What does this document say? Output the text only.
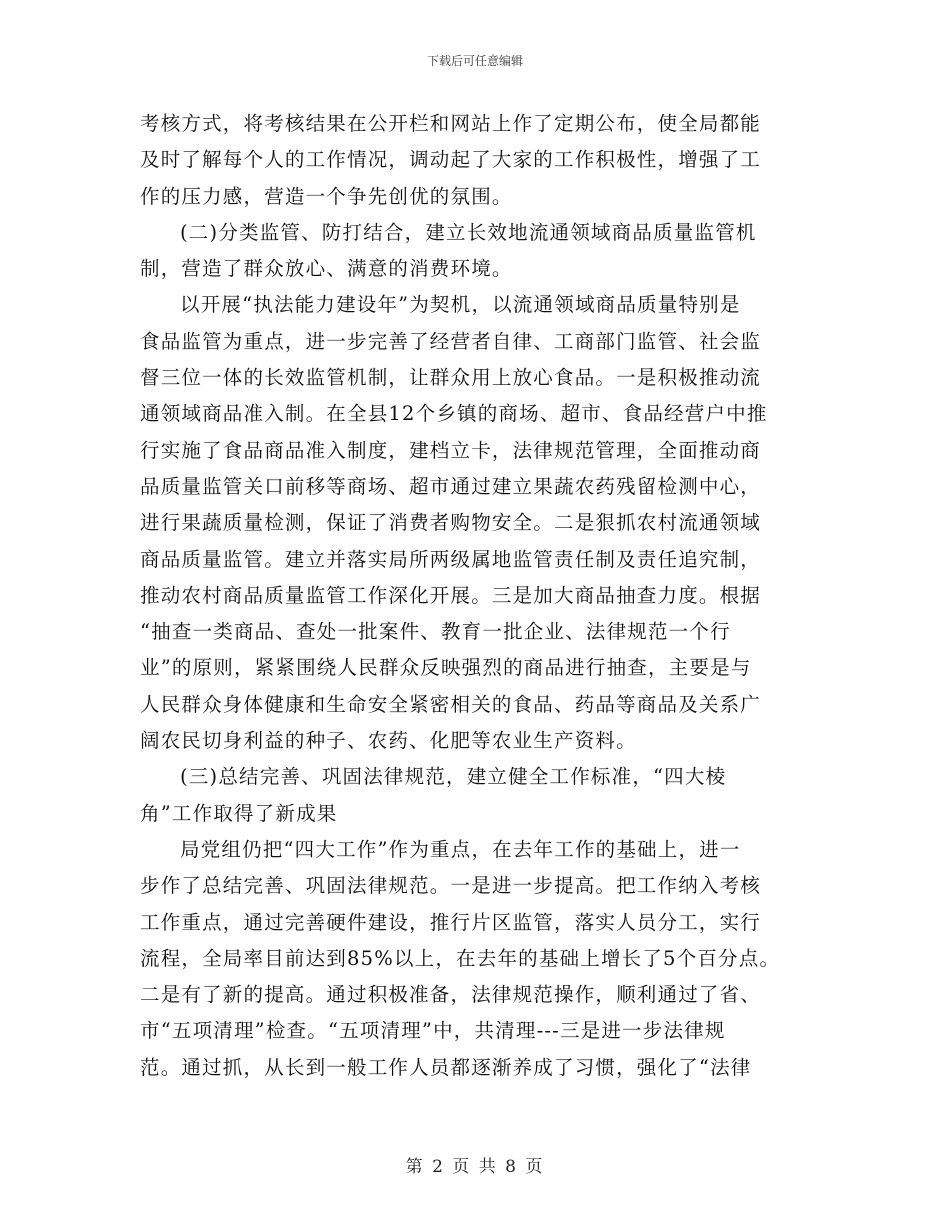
下载后可任意编辑
考核方式，将考核结果在公开栏和网站上作了定期公布，使全局都能
及时了解每个人的工作情况，调动起了大家的工作积极性，增强了工
作的压力感，营造一个争先创优的氛围。
(二)分类监管、防打结合，建立长效地流通领域商品质量监管机
制，营造了群众放心、满意的消费环境。
以开展“执法能力建设年”为契机，以流通领域商品质量特别是
食品监管为重点，进一步完善了经营者自律、工商部门监管、社会监
督三位一体的长效监管机制，让群众用上放心食品。一是积极推动流
通领域商品准入制。在全县12个乡镇的商场、超市、食品经营户中推
行实施了食品商品准入制度，建档立卡，法律规范管理，全面推动商
品质量监管关口前移等商场、超市通过建立果蔬农药残留检测中心，
进行果蔬质量检测，保证了消费者购物安全。二是狠抓农村流通领域
商品质量监管。建立并落实局所两级属地监管责任制及责任追究制，
推动农村商品质量监管工作深化开展。三是加大商品抽查力度。根据
“抽查一类商品、查处一批案件、教育一批企业、法律规范一个行
业”的原则，紧紧围绕人民群众反映强烈的商品进行抽查，主要是与
人民群众身体健康和生命安全紧密相关的食品、药品等商品及关系广
阔农民切身利益的种子、农药、化肥等农业生产资料。
(三)总结完善、巩固法律规范，建立健全工作标准，“四大棱
角”工作取得了新成果
局党组仍把“四大工作”作为重点，在去年工作的基础上，进一
步作了总结完善、巩固法律规范。一是进一步提高。把工作纳入考核
工作重点，通过完善硬件建设，推行片区监管，落实人员分工，实行
流程，全局率目前达到85%以上，在去年的基础上增长了5个百分点。
二是有了新的提高。通过积极准备，法律规范操作，顺利通过了省、
市“五项清理”检查。“五项清理”中，共清理---三是进一步法律规
范。通过抓，从长到一般工作人员都逐渐养成了习惯，强化了“法律
第 2 页 共 8 页
